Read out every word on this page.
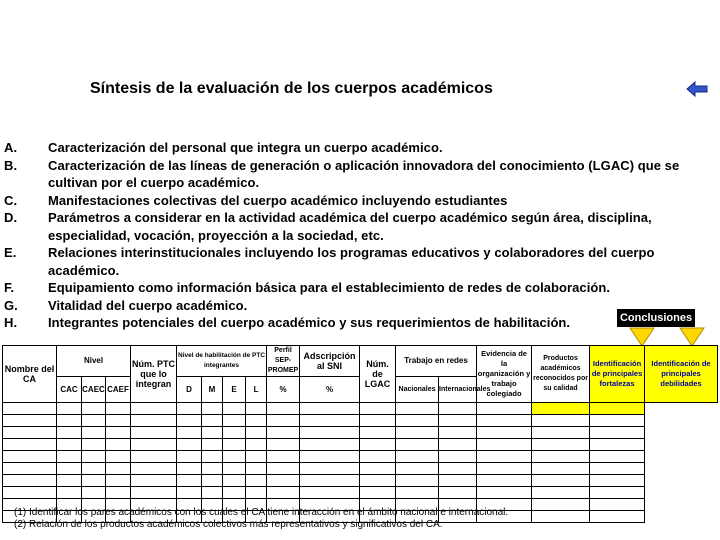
Síntesis de la evaluación de los cuerpos académicos
A.	Caracterización del personal que integra un cuerpo académico.
B.	Caracterización de las líneas de generación o aplicación innovadora del conocimiento (LGAC) que se cultivan por el cuerpo académico.
C.	Manifestaciones colectivas del cuerpo académico incluyendo estudiantes
D.	Parámetros a considerar en la actividad académica del cuerpo académico según área, disciplina, especialidad, vocación, proyección a la sociedad, etc.
E.	Relaciones interinstitucionales incluyendo los programas educativos y colaboradores del cuerpo académico.
F.	Equipamiento como información básica para el establecimiento de redes de colaboración.
G.	Vitalidad del cuerpo académico.
H.	Integrantes potenciales del cuerpo académico y sus requerimientos de habilitación.	Conclusiones
Nombre del CA	Nivel			Núm. PTC que lo integran	Nivel de habilitación de PTC integrantes				Perfil SEP-PROMEP	Adscripción al SNI	Núm. de LGAC	Trabajo en redes		Evidencia de la organización y trabajo colegiado	Productos académicos reconocidos por su calidad	Identificación de principales fortalezas	Identificación de principales debilidades
	CAC	CAEC	CAEF		D	M	E	L	%	%		Nacionales	Internacionales				

(1) Identificar los pares académicos con los cuales el CA tiene interacción en el ámbito nacional e internacional.
(2) Relación de los productos académicos colectivos más representativos y significativos del CA.
